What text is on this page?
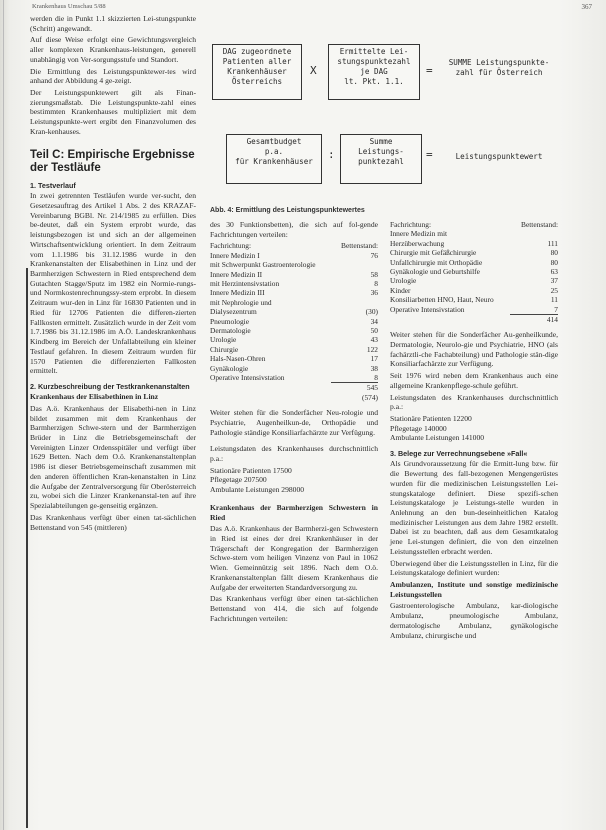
Krankenhaus Umschau 5/88	367
DAG zugeordnete
Patienten aller
Krankenhäuser
Österreichs
X
Ermittelte Lei-
stungspunktezahl
je DAG
lt. Pkt. 1.1.
=
SUMME Leistungspunkte-
zahl für Österreich
Gesamtbudget
p.a.
für Krankenhäuser
:
Summe
Leistungs-
punktezahl
=	Leistungspunktewert
Abb. 4: Ermittlung des Leistungspunktewertes

werden die in Punkt 1.1 skizzierten Lei-stungspunkte (Schritt) angewandt.

Auf diese Weise erfolgt eine Gewichtungsvergleich aller komplexen Krankenhaus-leistungen, generell unabhängig von Ver-sorgungsstufe und Standort.

Die Ermittlung des Leistungspunktewer-tes wird anhand der Abbildung 4 ge-zeigt.

Der Leistungspunktewert gilt als Finan-zierungsmaßstab. Die Leistungspunkte-zahl eines bestimmten Krankenhauses multipliziert mit dem Leistungspunkte-wert ergibt den Finanzvolumen des Kran-kenhauses.

Teil C: Empirische Ergebnisse der Testläufe
1. Testverlauf

In zwei getrennten Testläufen wurde ver-sucht, den Gesetzesauftrag des Artikel 1 Abs. 2 des KRAZAF-Vereinbarung BGBl. Nr. 214/1985 zu erfüllen. Dies be-deutet, daß ein System erprobt wurde, das leistungsbezogen ist und sich an der allgemeinen Wirtschaftsentwicklung orientiert. In dem Zeitraum vom 1.1.1986 bis 31.12.1986 wurde in den Krankenanstalten der Elisabethinen in Linz und der Barmherzigen Schwestern in Ried entsprechend dem Gutachten Stagge/Sputz im 1982 ein Normie-rungs- und Normkostenrechnungssy-stem erprobt. In diesem Zeitraum wur-den in Linz für 16830 Patienten und in Ried für 12706 Patienten die differen-zierten Fallkosten ermittelt. Zusätzlich wurde in der Zeit vom 1.7.1986 bis 31.12.1986 im A.Ö. Landeskrankenhaus Kindberg im Bereich der Unfallabteilung ein kleiner Testlauf gefahren. In diesem Zeitraum wurden für 1570 Patienten die differenzierten Fallkosten ermittelt.

2. Kurzbeschreibung der Testkrankenanstalten

Krankenhaus der Elisabethinen in Linz

Das A.ö. Krankenhaus der Elisabethi-nen in Linz bildet zusammen mit dem Krankenhaus der Barmherzigen Schwe-stern und der Barmherzigen Brüder in Linz die Betriebsgemeinschaft der Vereinigten Linzer Ordensspitäler und verfügt über 1629 Betten. Nach dem O.ö. Krankenanstaltenplan 1986 ist dieser Betriebsgemeinschaft zusammen mit den anderen öffentlichen Kran-kenanstalten in Linz die Aufgabe der Zentralversorgung für Oberösterreich zu, wobei sich die Linzer Krankenanstal-ten auf ihre Spezialabteilungen ge-genseitig ergänzen.

Das Krankenhaus verfügt über einen tat-sächlichen Bettenstand von 545 (mittleren)

des 30 Funktionsbetten), die sich auf fol-gende Fachrichtungen verteilen:

Fachrichtung:	Bettenstand:
Innere Medizin I	76
mit Schwerpunkt Gastroenterologie	
Innere Medizin II	58
mit Herzintensivstation	8
Innere Medizin III	36
mit Nephrologie und	
Dialysezentrum	(30)
Pneumologie	34
Dermatologie	50
Urologie	43
Chirurgie	122
Hals-Nasen-Ohren	17
Gynäkologie	38
Operative Intensivstation	8
	545
	(574)

Weiter stehen für die Sonderfächer Neu-rologie und Psychiatrie, Augenheilkun-de, Orthopädie und Pathologie ständige Konsiliarfachärzte zur Verfügung.

Leistungsdaten des Krankenhauses durchschnittlich p.a.:

Stationäre Patienten 17500

Pflegetage 207500

Ambulante Leistungen 298000

Krankenhaus der Barmherzigen Schwestern in Ried

Das A.ö. Krankenhaus der Barmherzi-gen Schwestern in Ried ist eines der drei Krankenhäuser in der Trägerschaft der Kongregation der Barmherzigen Schwe-stern vom heiligen Vinzenz von Paul in 1062 Wien. Gemeinnützig seit 1896. Nach dem O.ö. Krankenanstaltenplan fällt diesem Krankenhaus die Aufgabe der erweiterten Standardversorgung zu.

Das Krankenhaus verfügt über einen tat-sächlichen Bettenstand von 414, die sich auf folgende Fachrichtungen verteilen:

Fachrichtung:	Bettenstand:
Innere Medizin mit	
Herzüberwachung	111
Chirurgie mit Gefäßchirurgie	80
Unfallchirurgie mit Orthopädie	80
Gynäkologie und Geburtshilfe	63
Urologie	37
Kinder	25
Konsiliarbetten HNO, Haut, Neuro	11
Operative Intensivstation	7
	414

Weiter stehen für die Sonderfächer Au-genheilkunde, Dermatologie, Neurolo-gie und Psychiatrie, HNO (als fachärztli-che Fachabteilung) und Pathologie stän-dige Konsiliarfachärzte zur Verfügung.

Seit 1976 wird neben dem Krankenhaus auch eine allgemeine Krankenpflege-schule geführt.

Leistungsdaten des Krankenhauses durchschnittlich p.a.:

Stationäre Patienten 12200

Pflegetage 140000

Ambulante Leistungen 141000

3. Belege zur Verrechnungsebene »Fall«

Als Grundvoraussetzung für die Ermitt-lung bzw. für die Bewertung des fall-bezogenen Mengengerüstes wurden für die medizinischen Leistungsstellen Lei-stungskataloge definiert. Diese spezifi-schen Leistungskataloge je Leistungs-stelle wurden in Anlehnung an den bun-deseinheitlichen Katalog medizinischer Leistungen aus dem Jahre 1982 erstellt. Dabei ist zu beachten, daß aus dem Gesamtkatalog jene Lei-stungen definiert, die von den einzelnen Leistungsstellen erbracht werden.

Überwiegend über die Leistungsstellen in Linz, für die Leistungskataloge definiert wurden:

Ambulanzen, Institute und sonstige medizinische Leistungsstellen

Gastroenterologische Ambulanz, kar-diologische Ambulanz, pneumologische Ambulanz, dermatologische Ambulanz, gynäkologische Ambulanz, chirurgische und
